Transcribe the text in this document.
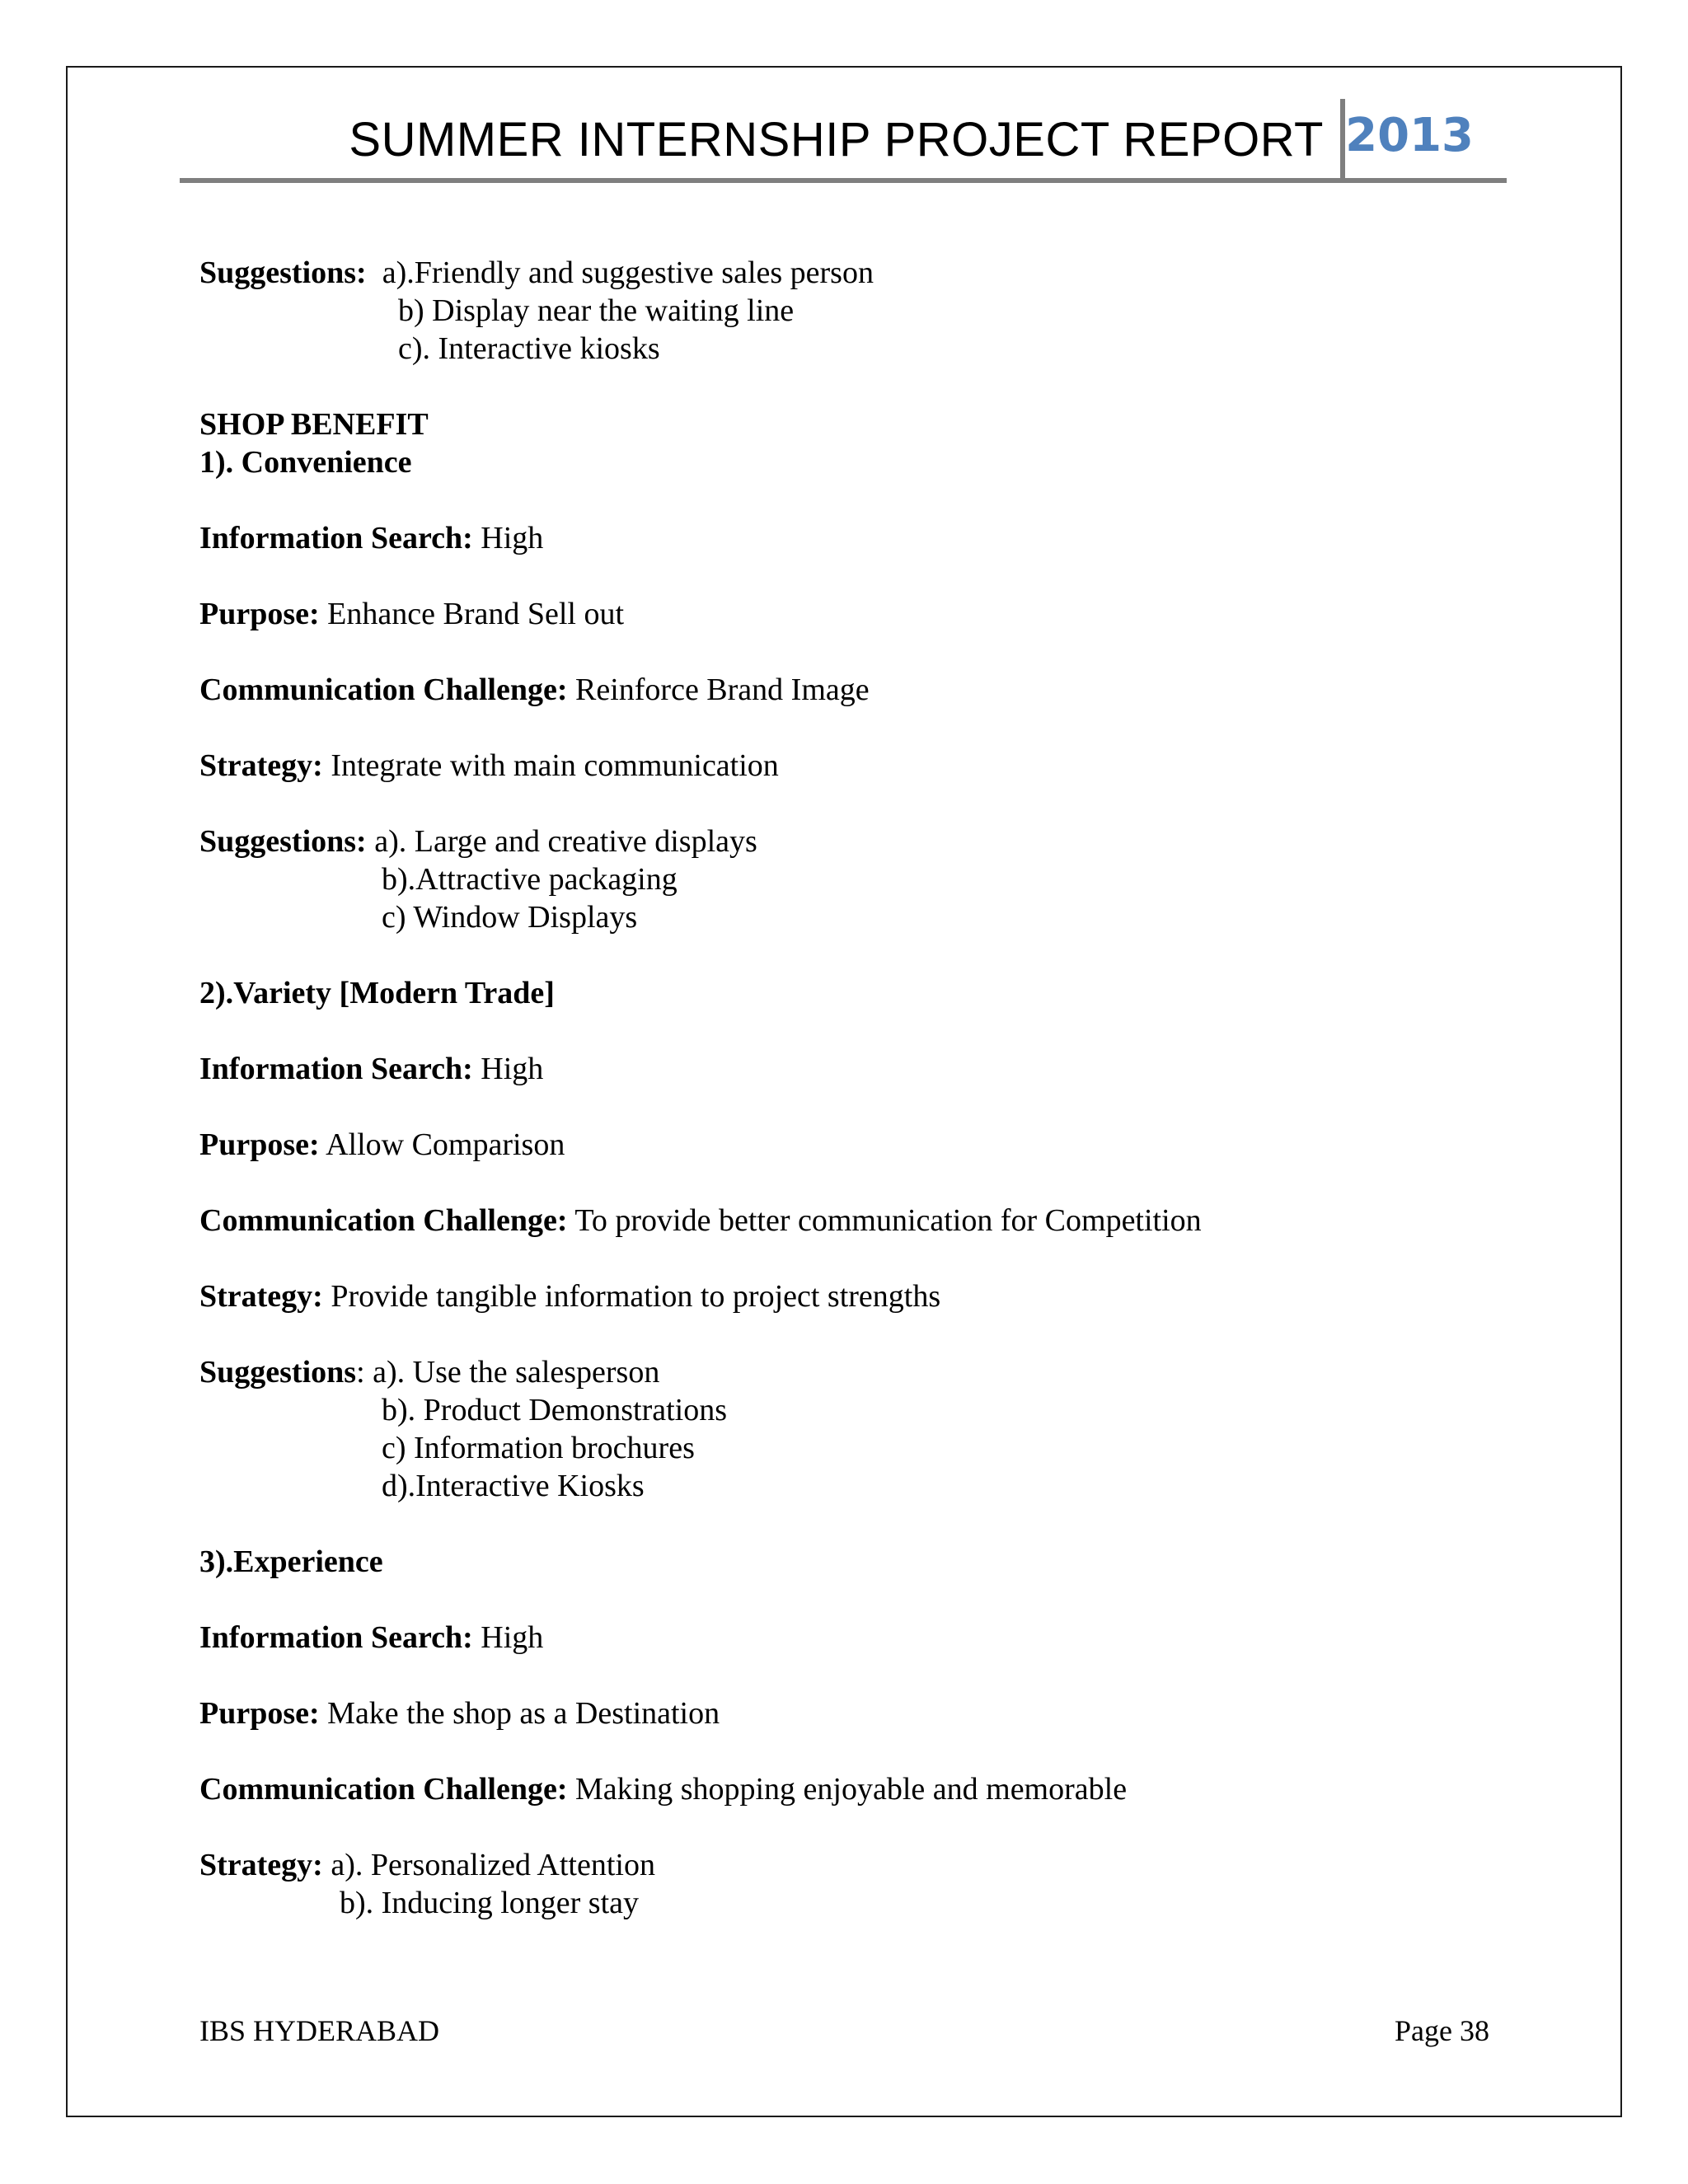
SUMMER INTERNSHIP PROJECT REPORT 2013
Suggestions: a).Friendly and suggestive sales person
b) Display near the waiting line
c). Interactive kiosks
SHOP BENEFIT
1). Convenience
Information Search: High
Purpose: Enhance Brand Sell out
Communication Challenge: Reinforce Brand Image
Strategy: Integrate with main communication
Suggestions: a). Large and creative displays
b).Attractive packaging
c) Window Displays
2).Variety [Modern Trade]
Information Search: High
Purpose: Allow Comparison
Communication Challenge: To provide better communication for Competition
Strategy: Provide tangible information to project strengths
Suggestions: a). Use the salesperson
b). Product Demonstrations
c) Information brochures
d).Interactive Kiosks
3).Experience
Information Search: High
Purpose: Make the shop as a Destination
Communication Challenge: Making shopping enjoyable and memorable
Strategy: a). Personalized Attention
b). Inducing longer stay
IBS HYDERABAD	Page 38
